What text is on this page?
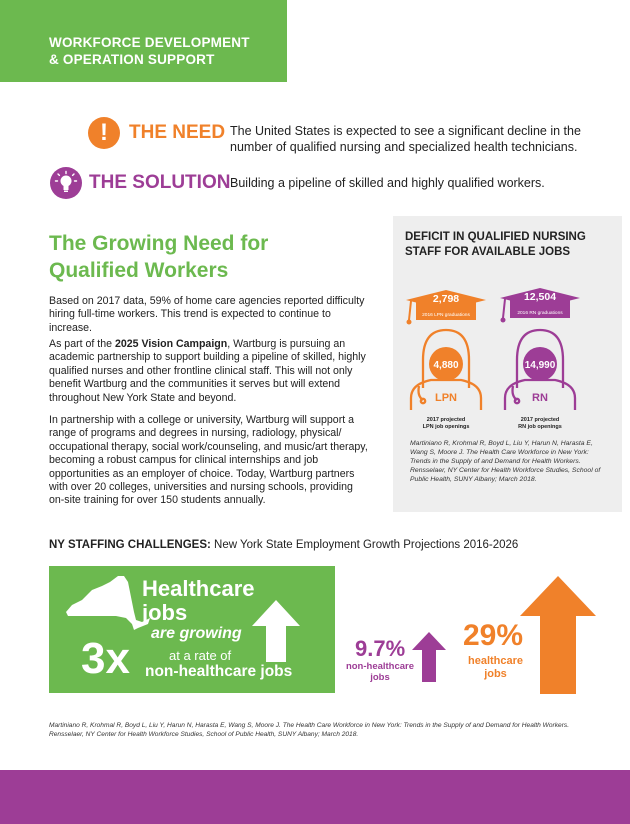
WORKFORCE DEVELOPMENT
& OPERATION SUPPORT
!	THE NEED The United States is expected to see a significant decline in the number of qualified nursing and specialized health technicians.
THE SOLUTION Building a pipeline of skilled and highly qualified workers.
The Growing Need for Qualified Workers
Based on 2017 data, 59% of home care agencies reported difficulty hiring full-time workers. This trend is expected to continue to increase.
As part of the 2025 Vision Campaign, Wartburg is pursuing an academic partnership to support building a pipeline of skilled, highly qualified nurses and other frontline clinical staff. This will not only benefit Wartburg and the communities it serves but will extend throughout New York State and beyond.
In partnership with a college or university, Wartburg will support a range of programs and degrees in nursing, radiology, physical/ occupational therapy, social work/counseling, and music/art therapy, becoming a robust campus for clinical internships and job opportunities as an employer of choice. Today, Wartburg partners with over 20 colleges, universities and nursing schools, providing on-site training for over 150 students annually.
DEFICIT IN QUALIFIED NURSING STAFF FOR AVAILABLE JOBS
2,798
2016 LPN graduations
4,880
LPN
2017 projected
LPN job openings
12,504
2016 RN graduations
14,990
RN
2017 projected
RN job openings
Martiniano R, Krohmal R, Boyd L, Liu Y, Harun N, Harasta E, Wang S, Moore J. The Health Care Workforce in New York: Trends in the Supply of and Demand for Health Workers. Rensselaer, NY Center for Health Workforce Studies, School of Public Health, SUNY Albany; March 2018.
NY STAFFING CHALLENGES: New York State Employment Growth Projections 2016-2026
Healthcare
jobs
are growing
at a rate of
non-healthcare jobs
3x	9.7%
non-healthcare jobs
29%
healthcare jobs
Martiniano R, Krohmal R, Boyd L, Liu Y, Harun N, Harasta E, Wang S, Moore J. The Health Care Workforce in New York: Trends in the Supply of and Demand for Health Workers. Rensselaer, NY Center for Health Workforce Studies, School of Public Health, SUNY Albany; March 2018.
